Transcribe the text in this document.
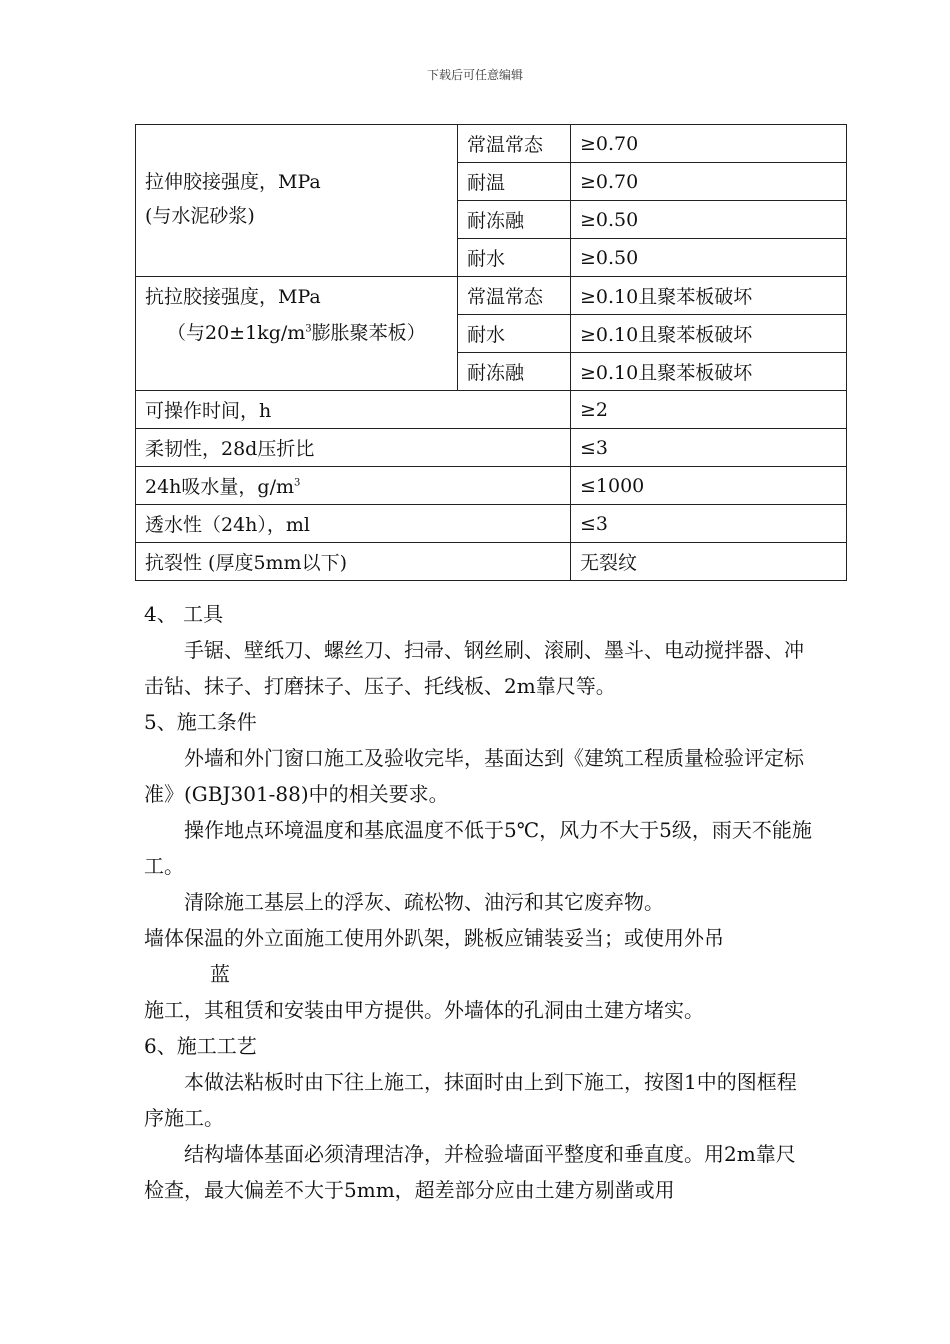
下载后可任意编辑
拉伸胶接强度，MPa
(与水泥砂浆)	常温常态	≥0.70
	耐温	≥0.70
	耐冻融	≥0.50
	耐水	≥0.50
抗拉胶接强度，MPa

（与$20\pm 1kg/m^3$膨胀聚苯板）	常温常态	≥0.10且聚苯板破坏
	耐水	≥0.10且聚苯板破坏
	耐冻融	≥0.10且聚苯板破坏
可操作时间，h		≥2
柔韧性，28d压折比		≤3
24h吸水量，$g/m^3$		≤1000
透水性（24h），ml		≤3
抗裂性 (厚度5mm以下)		无裂纹

4、 工具

手锯、壁纸刀、螺丝刀、扫帚、钢丝刷、滚刷、墨斗、电动搅拌器、冲击钻、抹子、打磨抹子、压子、托线板、2m靠尺等。

5、施工条件

外墙和外门窗口施工及验收完毕，基面达到《建筑工程质量检验评定标准》(GBJ301-88)中的相关要求。

操作地点环境温度和基底温度不低于5℃，风力不大于5级，雨天不能施工。

清除施工基层上的浮灰、疏松物、油污和其它废弃物。

墙体保温的外立面施工使用外趴架，跳板应铺装妥当；或使用外吊

蓝

施工，其租赁和安装由甲方提供。外墙体的孔洞由土建方堵实。

6、施工工艺

本做法粘板时由下往上施工，抹面时由上到下施工，按图1中的图框程序施工。

结构墙体基面必须清理洁净，并检验墙面平整度和垂直度。用2m靠尺检查，最大偏差不大于5mm，超差部分应由土建方剔凿或用
